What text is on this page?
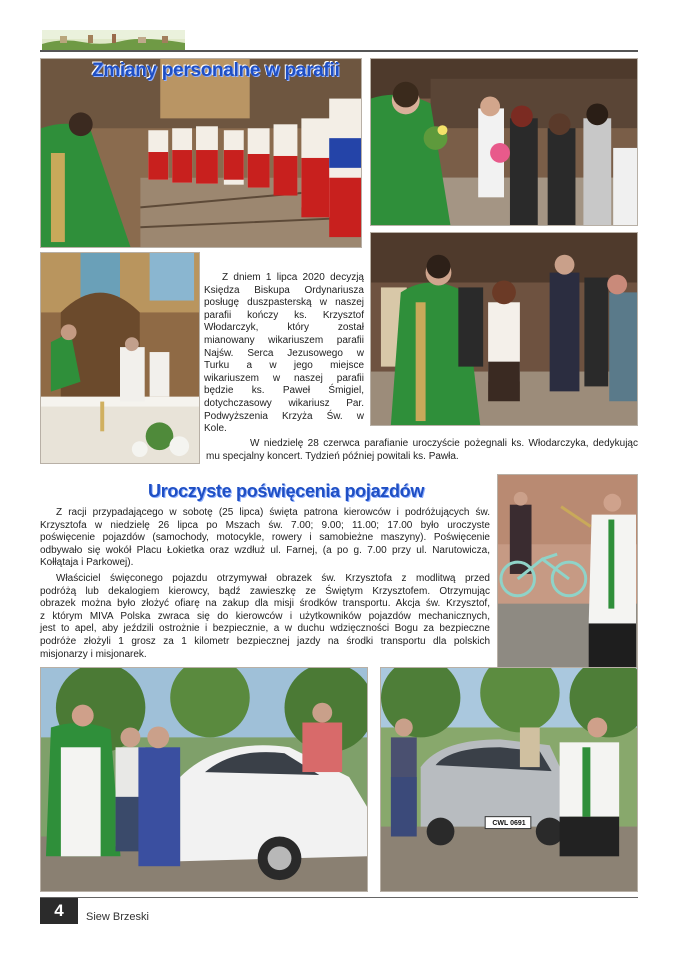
Zmiany personalne w parafii
Z dniem 1 lipca 2020 decyzją
Księdza Biskupa Ordynariusza
posługę duszpasterską w naszej
parafii kończy ks. Krzysztof
Włodarczyk, który został
mianowany wikariuszem parafii
Najśw. Serca Jezusowego w
Turku a w jego miejsce
wikariuszem w naszej parafii
będzie ks. Paweł Śmigiel,
dotychczasowy wikariusz Par.
Podwyższenia Krzyża Św. w
Kole.
W niedzielę 28 czerwca parafianie uroczyście pożegnali ks. Włodarczyka, dedykując
mu specjalny koncert. Tydzień później powitali ks. Pawła.
Uroczyste poświęcenia pojazdów
Z racji przypadającego w sobotę (25 lipca) święta patrona kierowców i podróżujących św.
Krzysztofa w niedzielę 26 lipca po Mszach św. 7.00; 9.00; 11.00; 17.00 było uroczyste
poświęcenie pojazdów (samochody, motocykle, rowery i samobieżne maszyny). Poświęcenie
odbywało się wokół Placu Łokietka oraz wzdłuż ul. Farnej, (a po g. 7.00 przy ul. Narutowicza,
Kołłątaja i Parkowej).
Właściciel święconego pojazdu otrzymywał obrazek św. Krzysztofa z modlitwą przed
podróżą lub dekalogiem kierowcy, bądź zawieszkę ze Świętym Krzysztofem. Otrzymując
obrazek można było złożyć ofiarę na zakup dla misji środków transportu. Akcja św. Krzysztof,
z którym MIVA Polska zwraca się do kierowców i użytkowników pojazdów mechanicznych,
jest to apel, aby jeździli ostrożnie i bezpiecznie, a w duchu wdzięczności Bogu za bezpieczne
podróże złożyli 1 grosz za 1 kilometr bezpiecznej jazdy na środki transportu dla polskich
misjonarzy i misjonarek.
CWL 0691
4	Siew Brzeski
